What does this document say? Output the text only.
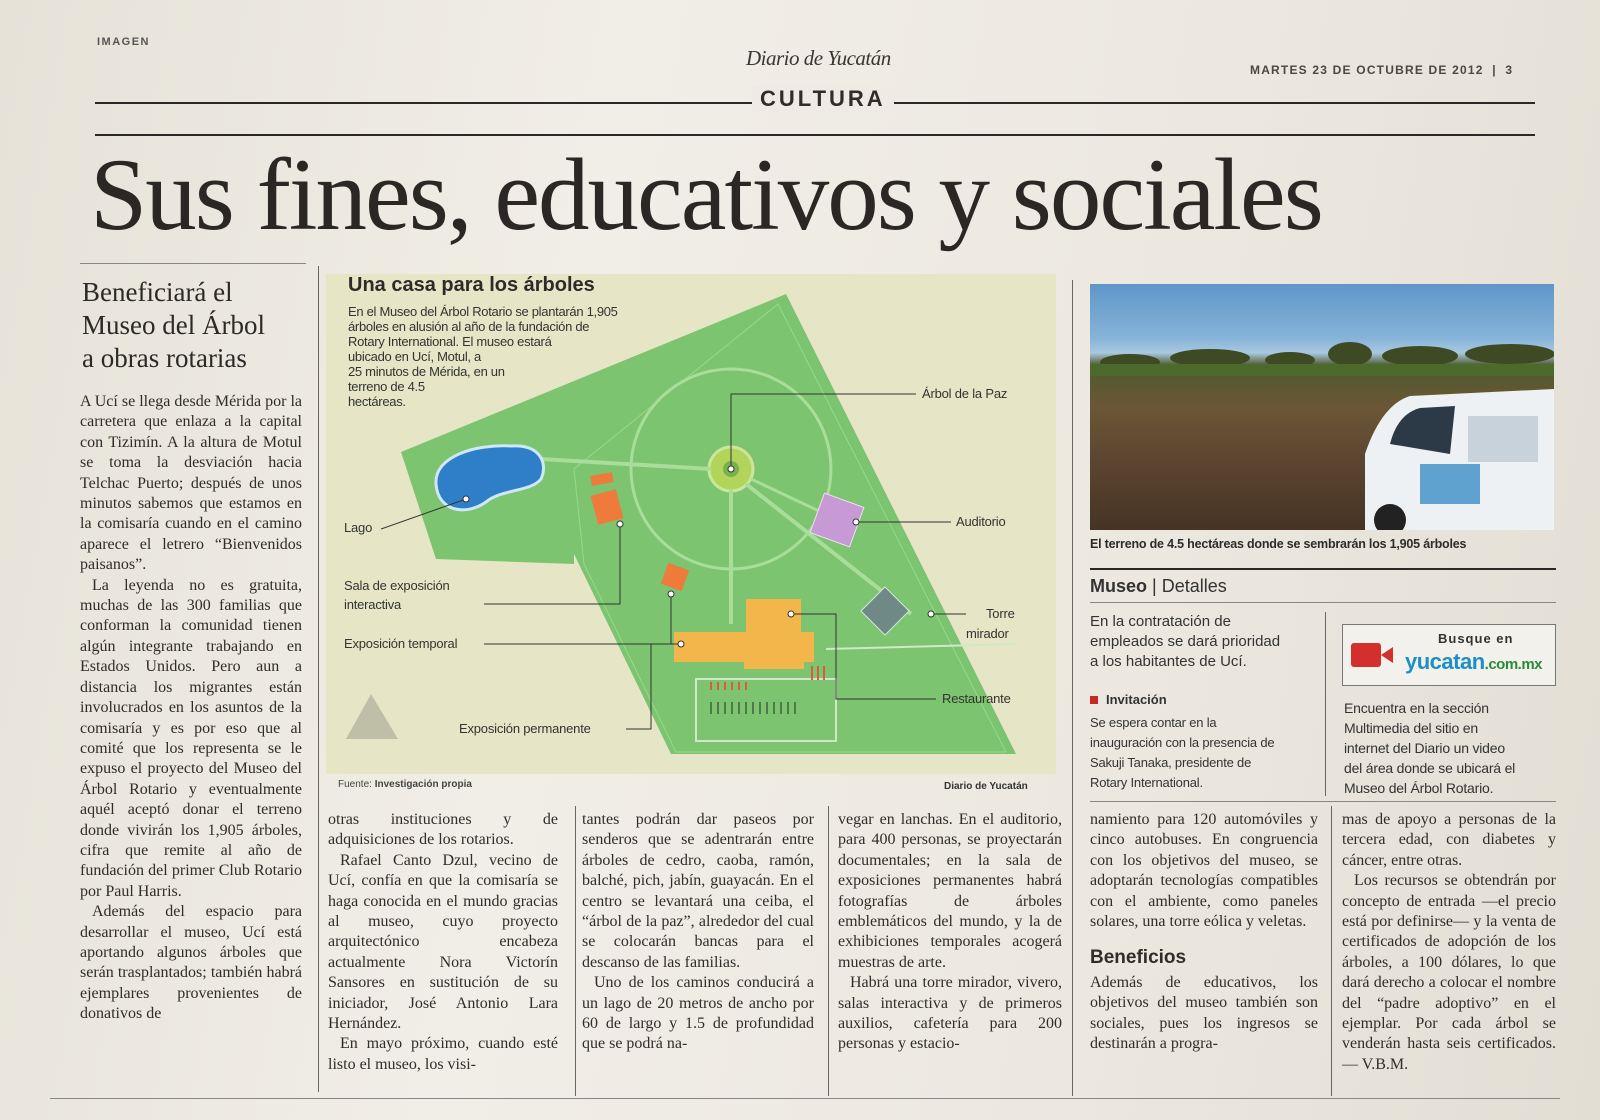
IMAGEN
Diario de Yucatán	MARTES 23 DE OCTUBRE DE 2012 | 3
CULTURA
Sus fines, educativos y sociales
Beneficiará el
Museo del Árbol
a obras rotarias
Una casa para los árboles
En el Museo del Árbol Rotario se plantarán 1,905
árboles en alusión al año de la fundación de
Rotary International. El museo estará
ubicado en Ucí, Motul, a
25 minutos de Mérida, en un
terreno de 4.5
hectáreas.
Árbol de la Paz
Lago	Auditorio
Sala de exposición
interactiva
Torre
mirador
Exposición temporal
Restaurante
Exposición permanente
Fuente: Investigación propia	Diario de Yucatán
El terreno de 4.5 hectáreas donde se sembrarán los 1,905 árboles
Museo | Detalles
En la contratación de
empleados se dará prioridad
a los habitantes de Ucí.
Invitación
Se espera contar en la
inauguración con la presencia de
Sakuji Tanaka, presidente de
Rotary International.
Busque en
yucatan.com.mx
Encuentra en la sección
Multimedia del sitio en
internet del Diario un video
del área donde se ubicará el
Museo del Árbol Rotario.

A Ucí se llega desde Mérida por la carretera que enlaza a la capital con Tizimín. A la altura de Motul se toma la desviación hacia Telchac Puerto; después de unos minutos sabemos que estamos en la comisaría cuando en el camino aparece el letrero “Bienvenidos paisanos”.

La leyenda no es gratuita, muchas de las 300 familias que conforman la comunidad tienen algún integrante trabajando en Estados Unidos. Pero aun a distancia los migrantes están involucrados en los asuntos de la comisaría y es por eso que al comité que los representa se le expuso el proyecto del Museo del Árbol Rotario y eventualmente aquél aceptó donar el terreno donde vivirán los 1,905 árboles, cifra que remite al año de fundación del primer Club Rotario por Paul Harris.

Además del espacio para desarrollar el museo, Ucí está aportando algunos árboles que serán trasplantados; también habrá ejemplares provenientes de donativos de

otras instituciones y de adquisiciones de los rotarios.

Rafael Canto Dzul, vecino de Ucí, confía en que la comisaría se haga conocida en el mundo gracias al museo, cuyo proyecto arquitectónico encabeza actualmente Nora Victorín Sansores en sustitución de su iniciador, José Antonio Lara Hernández.

En mayo próximo, cuando esté listo el museo, los visi-

tantes podrán dar paseos por senderos que se adentrarán entre árboles de cedro, caoba, ramón, balché, pich, jabín, guayacán. En el centro se levantará una ceiba, el “árbol de la paz”, alrededor del cual se colocarán bancas para el descanso de las familias.

Uno de los caminos conducirá a un lago de 20 metros de ancho por 60 de largo y 1.5 de profundidad que se podrá na-

vegar en lanchas. En el auditorio, para 400 personas, se proyectarán documentales; en la sala de exposiciones permanentes habrá fotografías de árboles emblemáticos del mundo, y la de exhibiciones temporales acogerá muestras de arte.

Habrá una torre mirador, vivero, salas interactiva y de primeros auxilios, cafetería para 200 personas y estacio-

namiento para 120 automóviles y cinco autobuses. En congruencia con los objetivos del museo, se adoptarán tecnologías compatibles con el ambiente, como paneles solares, una torre eólica y veletas.

Beneficios

Además de educativos, los objetivos del museo también son sociales, pues los ingresos se destinarán a progra-

mas de apoyo a personas de la tercera edad, con diabetes y cáncer, entre otras.

Los recursos se obtendrán por concepto de entrada —el precio está por definirse— y la venta de certificados de adopción de los árboles, a 100 dólares, lo que dará derecho a colocar el nombre del “padre adoptivo” en el ejemplar. Por cada árbol se venderán hasta seis certificados.— V.B.M.
